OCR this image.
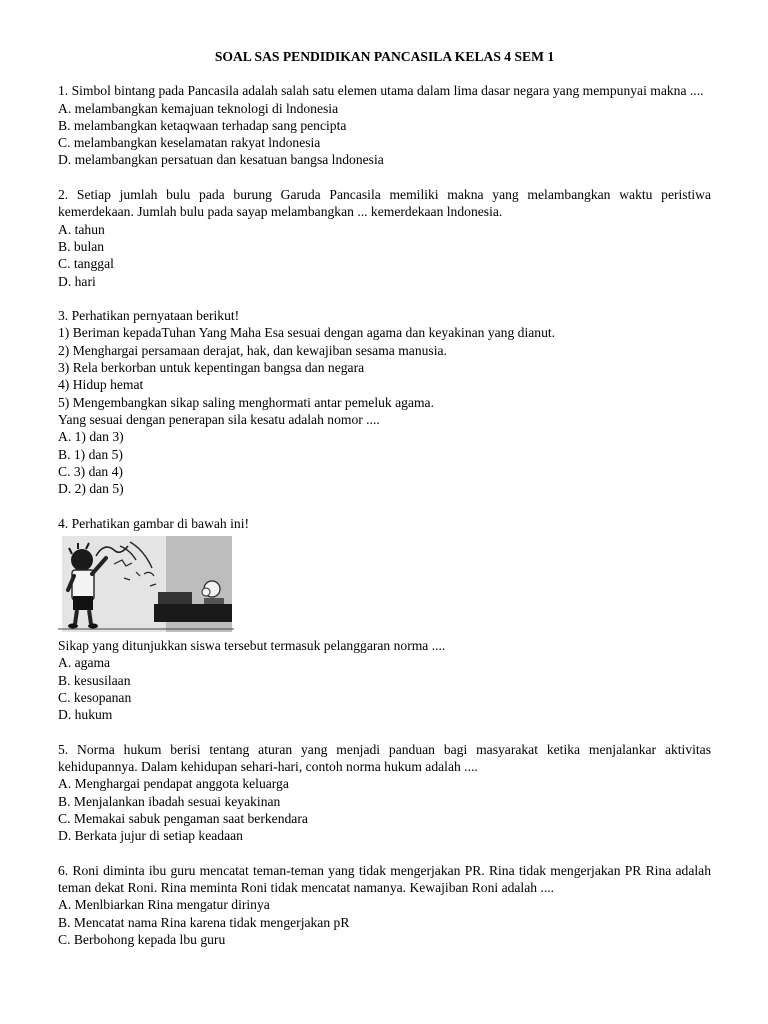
SOAL SAS PENDIDIKAN PANCASILA KELAS 4 SEM 1
1. Simbol bintang pada Pancasila adalah salah satu elemen utama dalam lima dasar negara yang mempunyai makna ....
A. melambangkan kemajuan teknologi di lndonesia
B. melambangkan ketaqwaan terhadap sang pencipta
C. melambangkan keselamatan rakyat lndonesia
D. melambangkan persatuan dan kesatuan bangsa lndonesia
2. Setiap jumlah bulu pada burung Garuda Pancasila memiliki makna yang melambangkan waktu peristiwa kemerdekaan. Jumlah bulu pada sayap melambangkan ... kemerdekaan lndonesia.
A. tahun
B. bulan
C. tanggal
D. hari
3. Perhatikan pernyataan berikut!
1) Beriman kepadaTuhan Yang Maha Esa sesuai dengan agama dan keyakinan yang dianut.
2) Menghargai persamaan derajat, hak, dan kewajiban sesama manusia.
3) Rela berkorban untuk kepentingan bangsa dan negara
4) Hidup hemat
5) Mengembangkan sikap saling menghormati antar pemeluk agama.
Yang sesuai dengan penerapan sila kesatu adalah nomor ....
A. 1) dan 3)
B. 1) dan 5)
C. 3) dan 4)
D. 2) dan 5)
4. Perhatikan gambar di bawah ini!
Sikap yang ditunjukkan siswa tersebut termasuk pelanggaran norma ....
A. agama
B. kesusilaan
C. kesopanan
D. hukum
5. Norma hukum berisi tentang aturan yang menjadi panduan bagi masyarakat ketika menjalankar aktivitas kehidupannya. Dalam kehidupan sehari-hari, contoh norma hukum adalah ....
A. Menghargai pendapat anggota keluarga
B. Menjalankan ibadah sesuai keyakinan
C. Memakai sabuk pengaman saat berkendara
D. Berkata jujur di setiap keadaan
6. Roni diminta ibu guru mencatat teman-teman yang tidak mengerjakan PR. Rina tidak mengerjakan PR Rina adalah teman dekat Roni. Rina meminta Roni tidak mencatat namanya. Kewajiban Roni adalah ....
A. Menlbiarkan Rina mengatur dirinya
B. Mencatat nama Rina karena tidak mengerjakan pR
C. Berbohong kepada lbu guru
